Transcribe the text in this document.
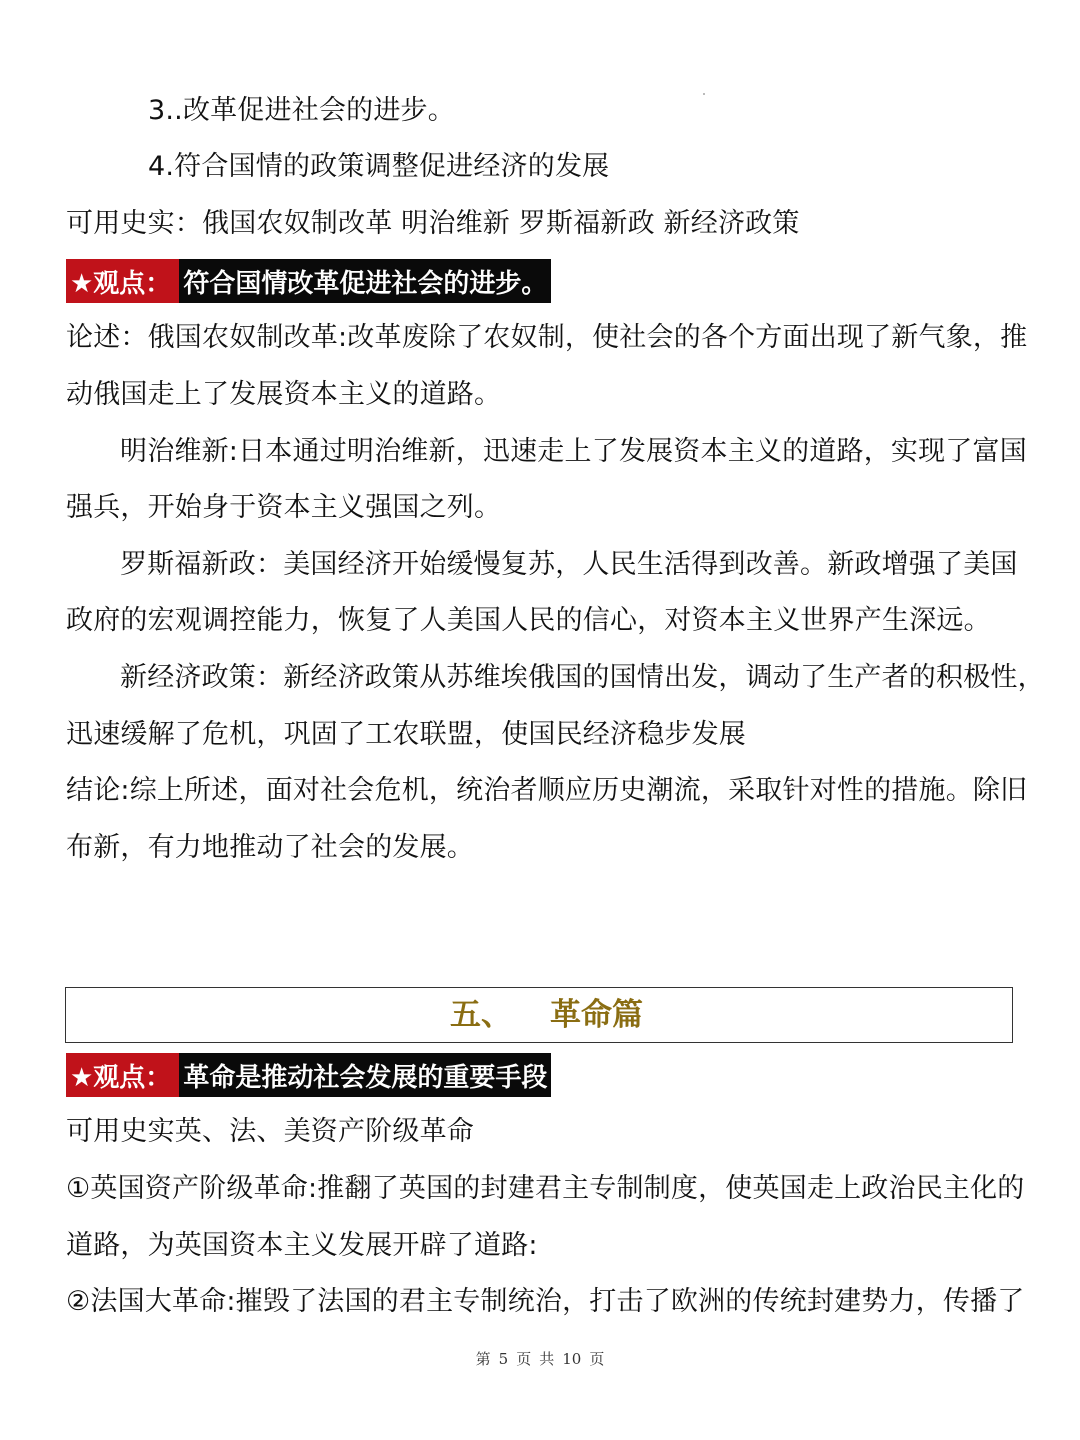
3..改革促进社会的进步。
4.符合国情的政策调整促进经济的发展
可用史实：俄国农奴制改革 明治维新 罗斯福新政 新经济政策
★观点： 符合国情改革促进社会的进步。
论述：俄国农奴制改革:改革废除了农奴制，使社会的各个方面出现了新气象，推
动俄国走上了发展资本主义的道路。
明治维新:日本通过明治维新，迅速走上了发展资本主义的道路，实现了富国
强兵，开始身于资本主义强国之列。
罗斯福新政：美国经济开始缓慢复苏，人民生活得到改善。新政增强了美国
政府的宏观调控能力，恢复了人美国人民的信心，对资本主义世界产生深远。
新经济政策：新经济政策从苏维埃俄国的国情出发，调动了生产者的积极性，
迅速缓解了危机，巩固了工农联盟，使国民经济稳步发展
结论:综上所述，面对社会危机，统治者顺应历史潮流，采取针对性的措施。除旧
布新，有力地推动了社会的发展。
五、 革命篇
★观点： 革命是推动社会发展的重要手段
可用史实英、法、美资产阶级革命
①英国资产阶级革命:推翻了英国的封建君主专制制度，使英国走上政治民主化的
道路，为英国资本主义发展开辟了道路:
②法国大革命:摧毁了法国的君主专制统治，打击了欧洲的传统封建势力，传播了
第 5 页 共 10 页
